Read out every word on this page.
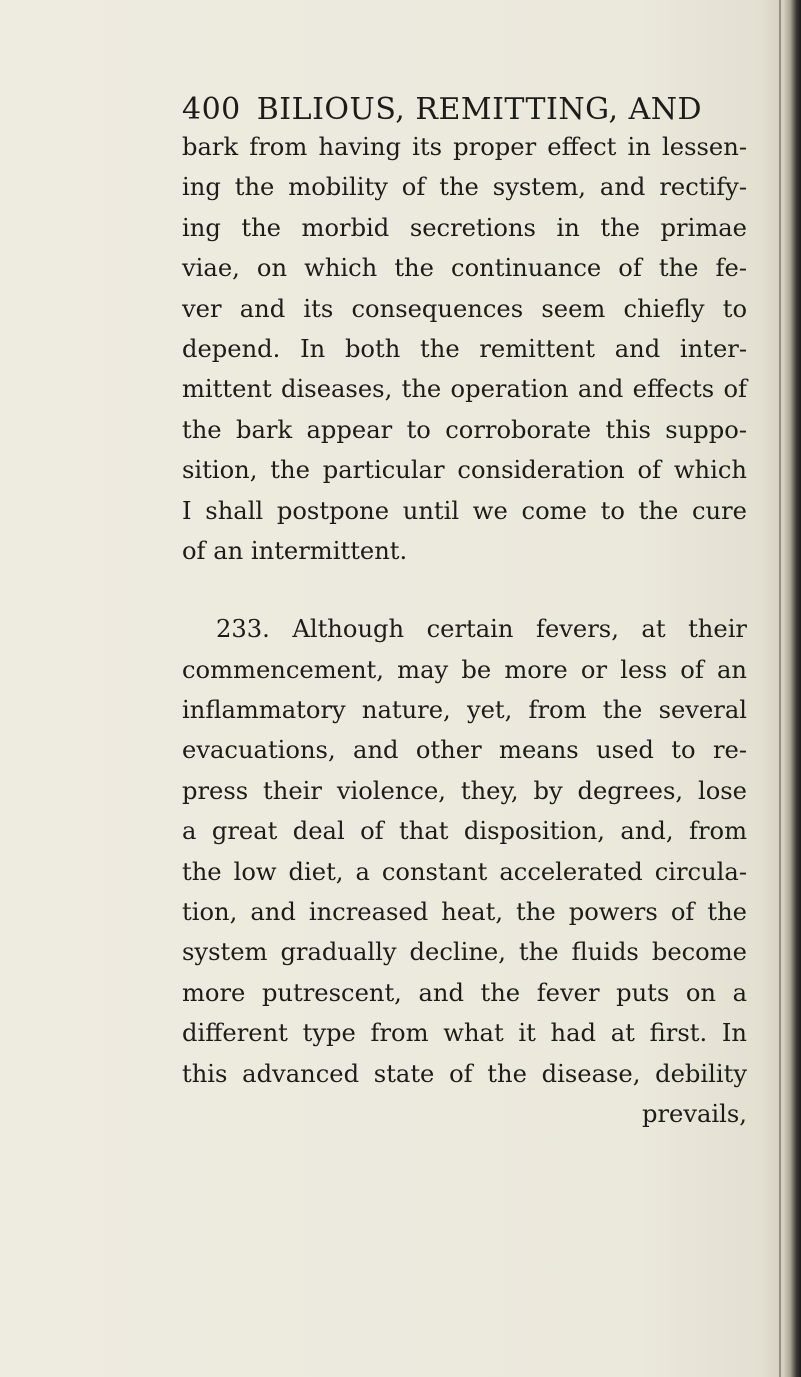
400 BILIOUS, REMITTING, AND
bark from having its proper effect in lessen-
ing the mobility of the system, and rectify-
ing the morbid secretions in the primae
viae, on which the continuance of the fe-
ver and its consequences seem chiefly to
depend. In both the remittent and inter-
mittent diseases, the operation and effects of
the bark appear to corroborate this suppo-
sition, the particular consideration of which
I shall postpone until we come to the cure
of an intermittent.
233. Although certain fevers, at their
commencement, may be more or less of an
inflammatory nature, yet, from the several
evacuations, and other means used to re-
press their violence, they, by degrees, lose
a great deal of that disposition, and, from
the low diet, a constant accelerated circula-
tion, and increased heat, the powers of the
system gradually decline, the fluids become
more putrescent, and the fever puts on a
different type from what it had at first. In
this advanced state of the disease, debility
prevails,
